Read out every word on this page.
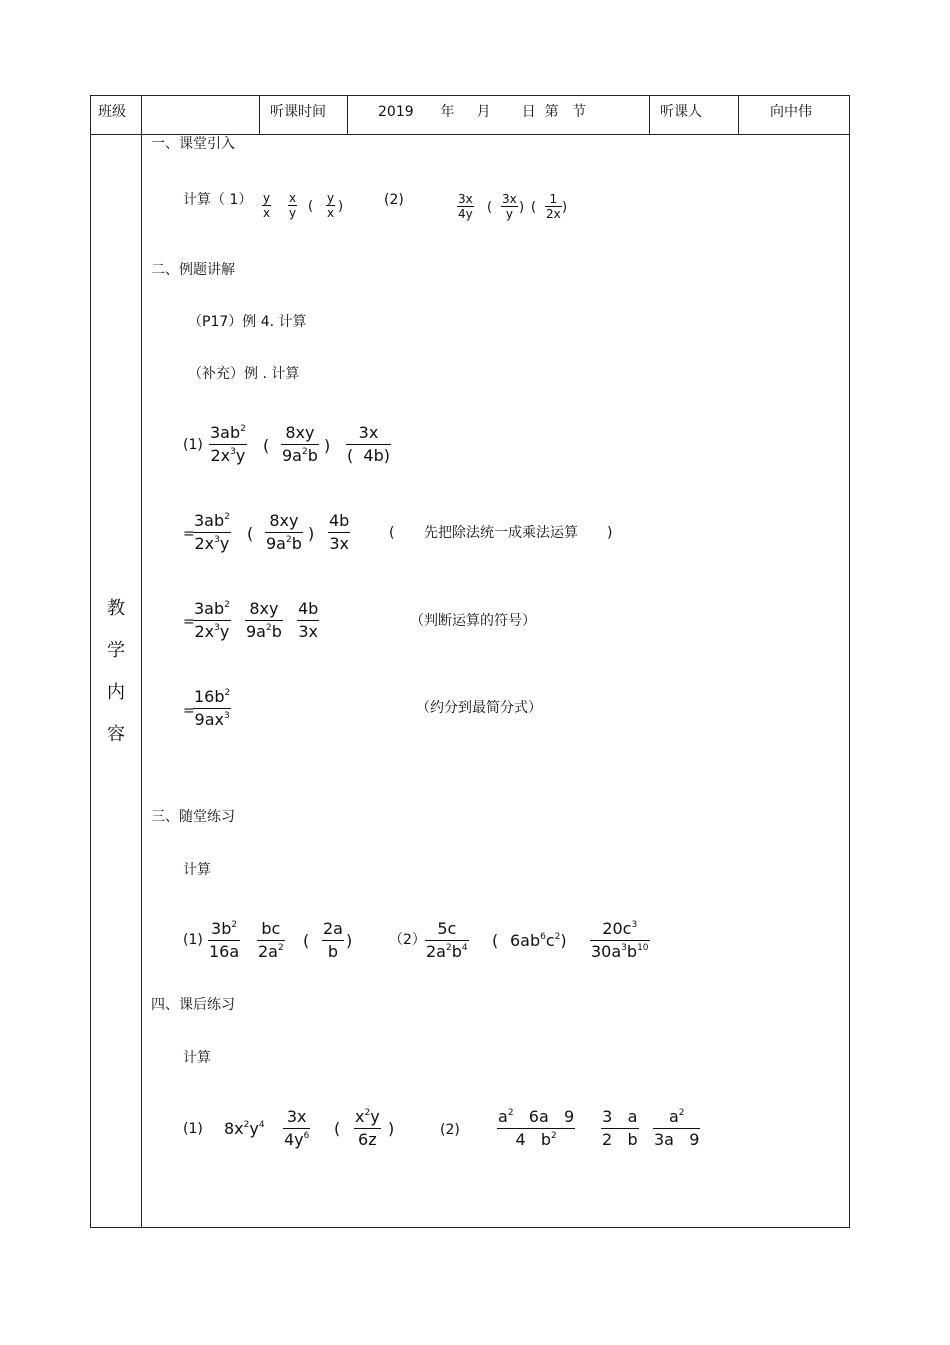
班级	听课时间	2019      年     月       日  第   节	听课人	向中伟
教
学
内
容
一、课堂引入
计算（ $1) \frac{y}{x} \frac{x}{y}$ ( $\frac{y}{x}$ )	(2)	$\frac{3x}{4y}$ ( $\frac{3x}{y}$ ) ( $\frac{1}{2x}$ )
二、例题讲解
（P17）例 4. 计算
（补充）例 . 计算
$(1) \frac{3ab^2}{2x^3y}$ ( $\frac{8xy}{9a^2b}$ ) $\frac{3x}{( 4b)}$
=
$\frac{3ab^2}{2x^3y}$ ( $\frac{8xy}{9a^2b}$ ) $\frac{4b}{3x}$	( 先把除法统一成乘法运算 )
=
$\frac{3ab^2}{2x^3y} \frac{8xy}{9a^2b} \frac{4b}{3x}$	（判断运算的符号）
=
$\frac{16b^2}{9ax^3}$	（约分到最简分式）
三、随堂练习
计算
$(1) \frac{3b^2}{16a} \frac{bc}{2a^2}$ ( $\frac{2a}{b}$ )	$(2) \frac{5c}{2a^2b^4}$ ( $6ab^6c^2) \frac{20c^3}{30a^3b^{10}}$
四、课后练习
计算
(1) $8x^2y^4 \frac{3x}{4y^6}$ ( $\frac{x^2y}{6z}$ )	$(2) \frac{a^2 6a 9}{4 b^2} \frac{3 a}{2 b} \frac{a^2}{3a 9}$
